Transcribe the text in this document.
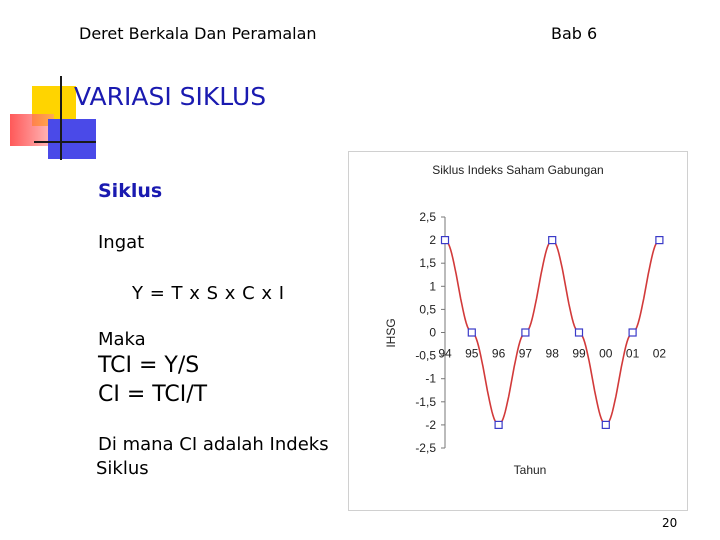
Deret Berkala Dan Peramalan	Bab 6
VARIASI SIKLUS
Siklus
Ingat
Y = T x S x C x I
Maka
TCI = Y/S
CI = TCI/T
Di mana CI adalah Indeks
Siklus
Siklus Indeks Saham Gabungan
2,5
2
1,5
1
0,5
0
-0,5
-1
-1,5
-2
-2,5
IHSG
94 95 96 97 98 99 00 01 02
Tahun
20
